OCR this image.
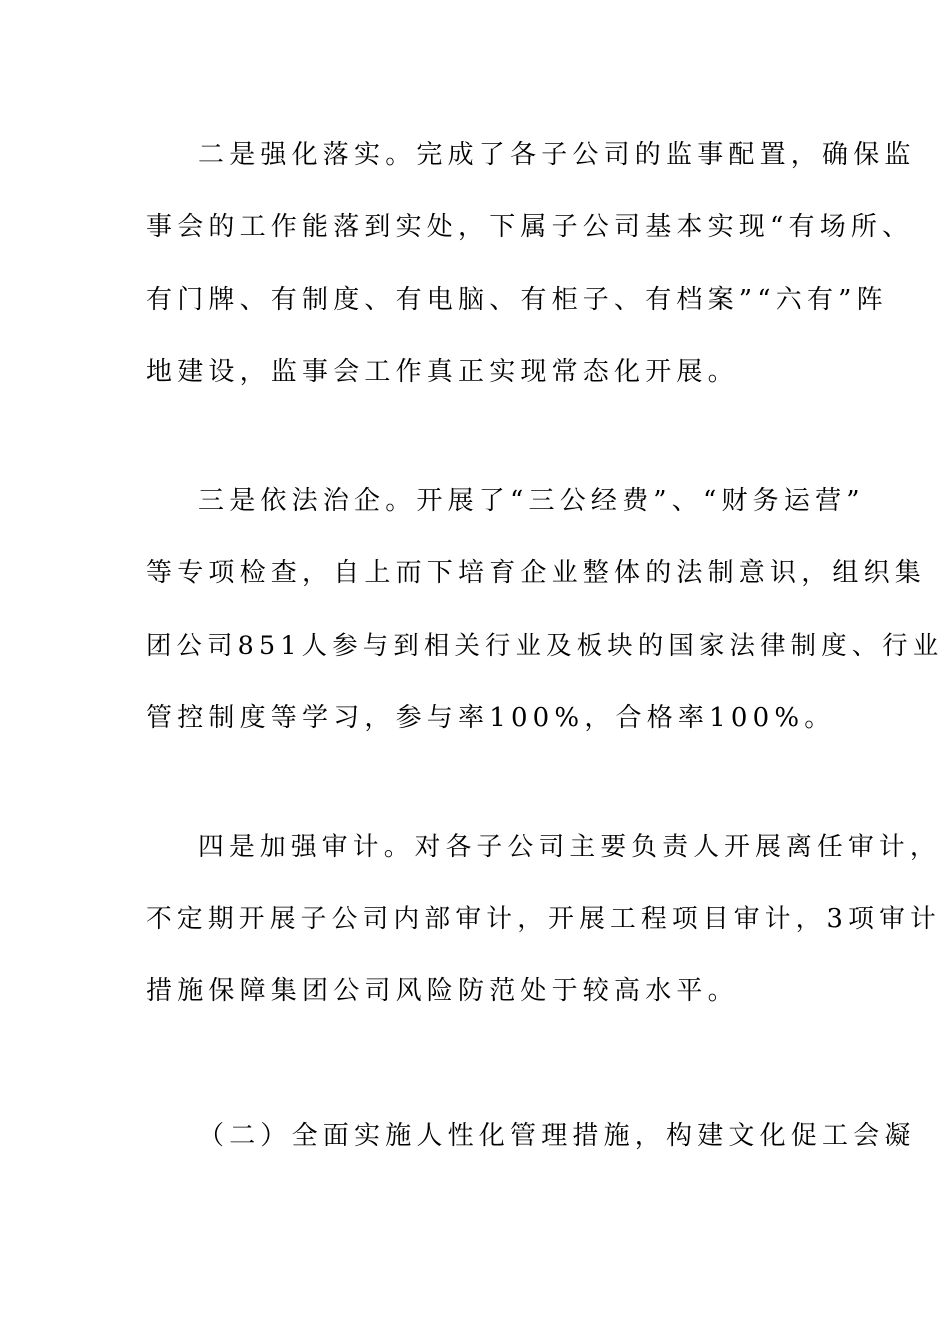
二是强化落实。完成了各子公司的监事配置，确保监
事会的工作能落到实处，下属子公司基本实现“有场所、
有门牌、有制度、有电脑、有柜子、有档案”“六有”阵
地建设，监事会工作真正实现常态化开展。
三是依法治企。开展了“三公经费”、“财务运营”
等专项检查，自上而下培育企业整体的法制意识，组织集
团公司851人参与到相关行业及板块的国家法律制度、行业
管控制度等学习，参与率100%，合格率100%。
四是加强审计。对各子公司主要负责人开展离任审计，
不定期开展子公司内部审计，开展工程项目审计，3项审计
措施保障集团公司风险防范处于较高水平。
（二）全面实施人性化管理措施，构建文化促工会凝
